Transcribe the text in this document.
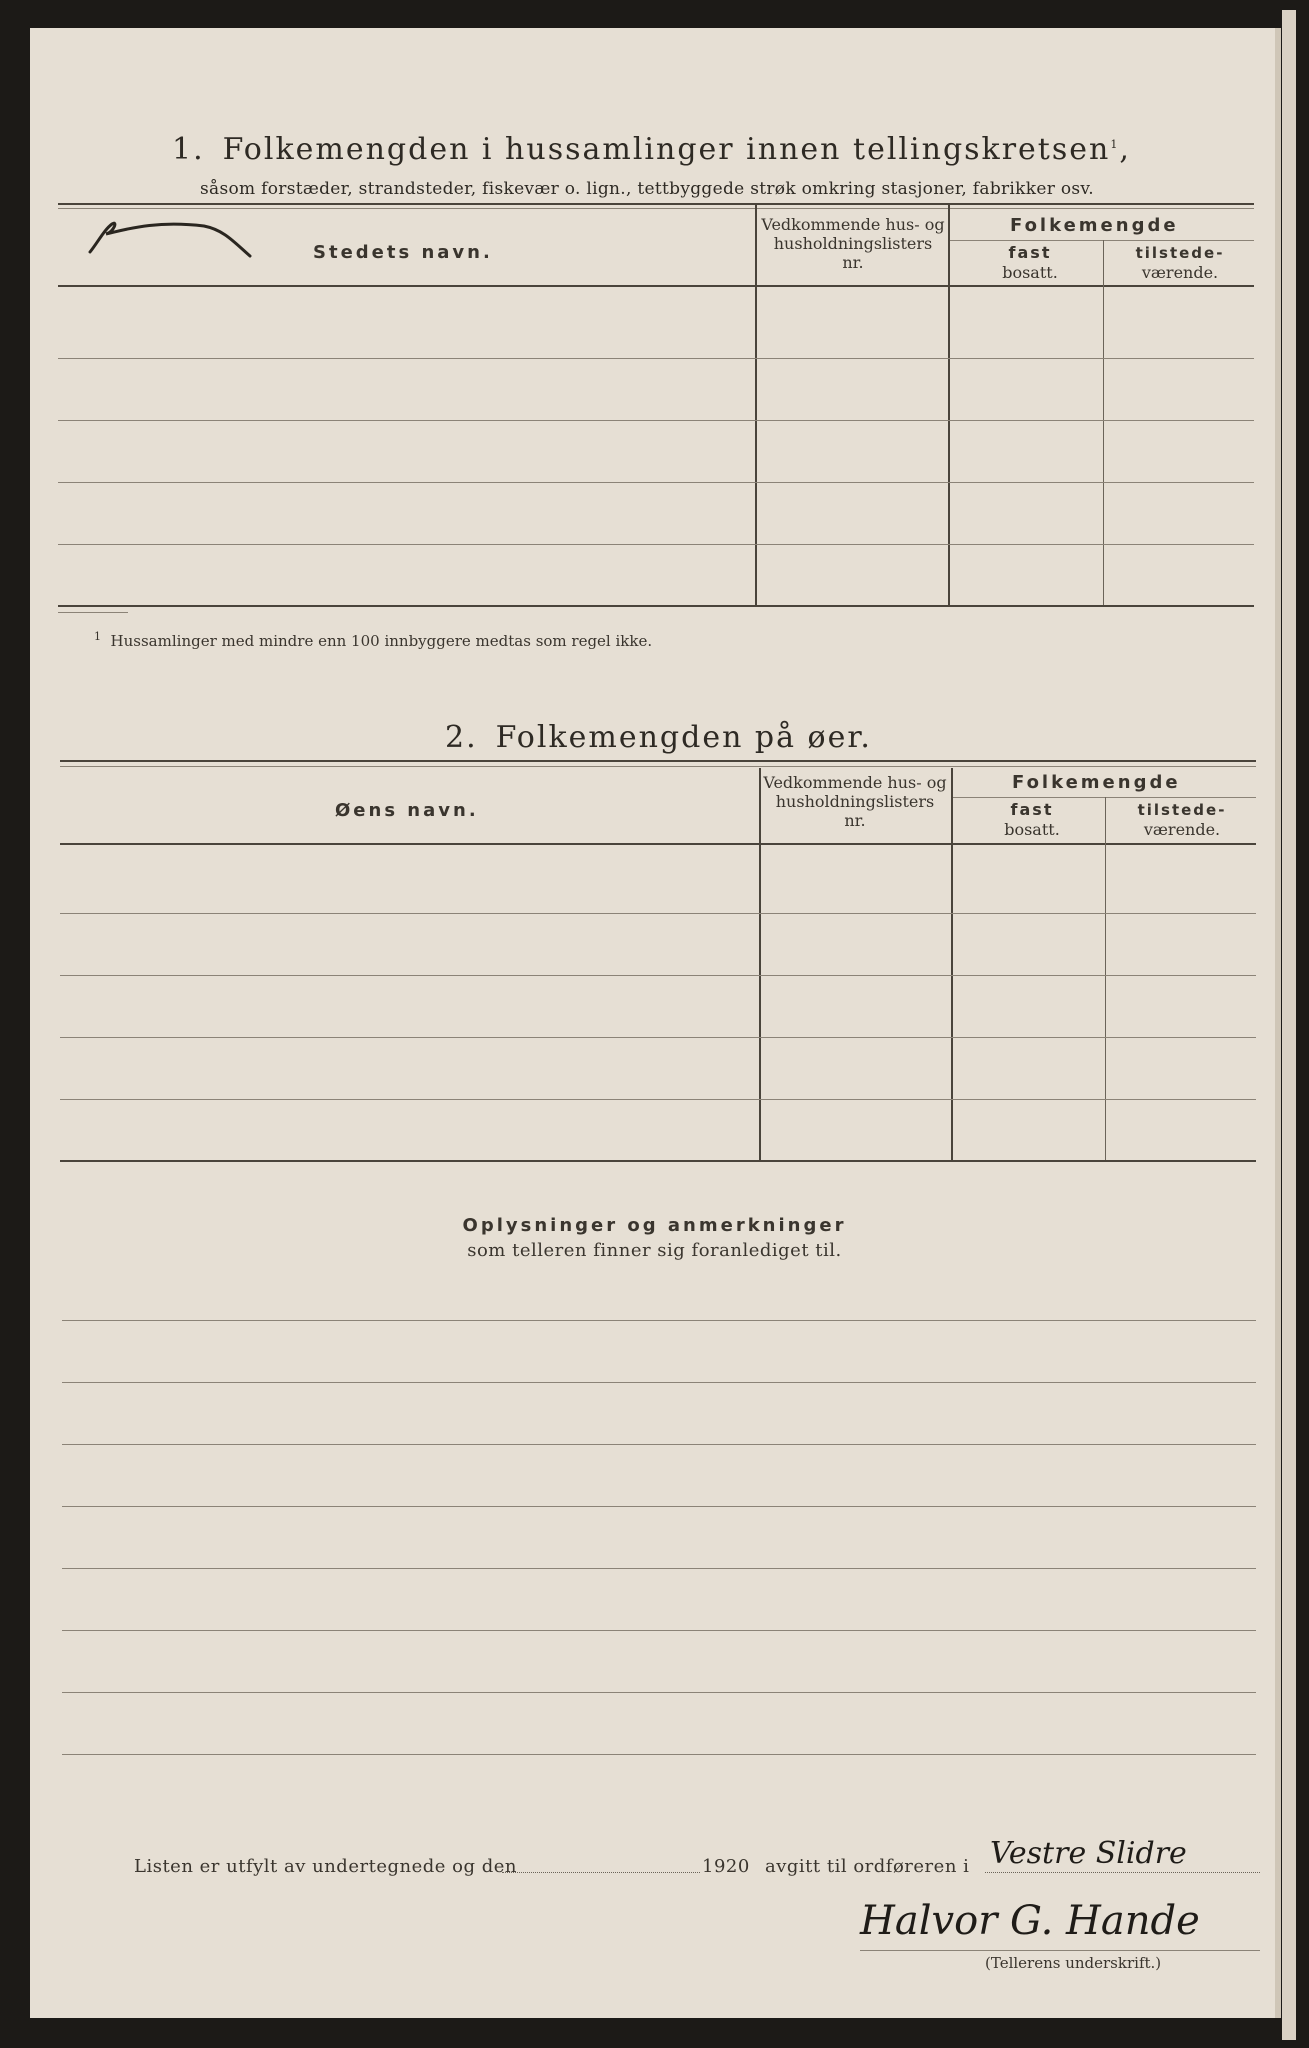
1. Folkemengden i hussamlinger innen tellingskretsen$^1$,
såsom forstæder, strandsteder, fiskevær o. lign., tettbyggede strøk omkring stasjoner, fabrikker osv.
Stedets navn.
Vedkommende hus- og
husholdningslisters
nr.
Folkemengde
fast
bosatt.
tilstede-
værende.
$^1$ Hussamlinger med mindre enn 100 innbyggere medtas som regel ikke.
2. Folkemengden på øer.
Øens navn.
Vedkommende hus- og
husholdningslisters
nr.
Folkemengde
fast
bosatt.
tilstede-
værende.
Oplysninger og anmerkninger
som telleren finner sig foranlediget til.
Listen er utfylt av undertegnede og den	1920 avgitt til ordføreren i Vestre Slidre
Halvor G. Hande
(Tellerens underskrift.)
